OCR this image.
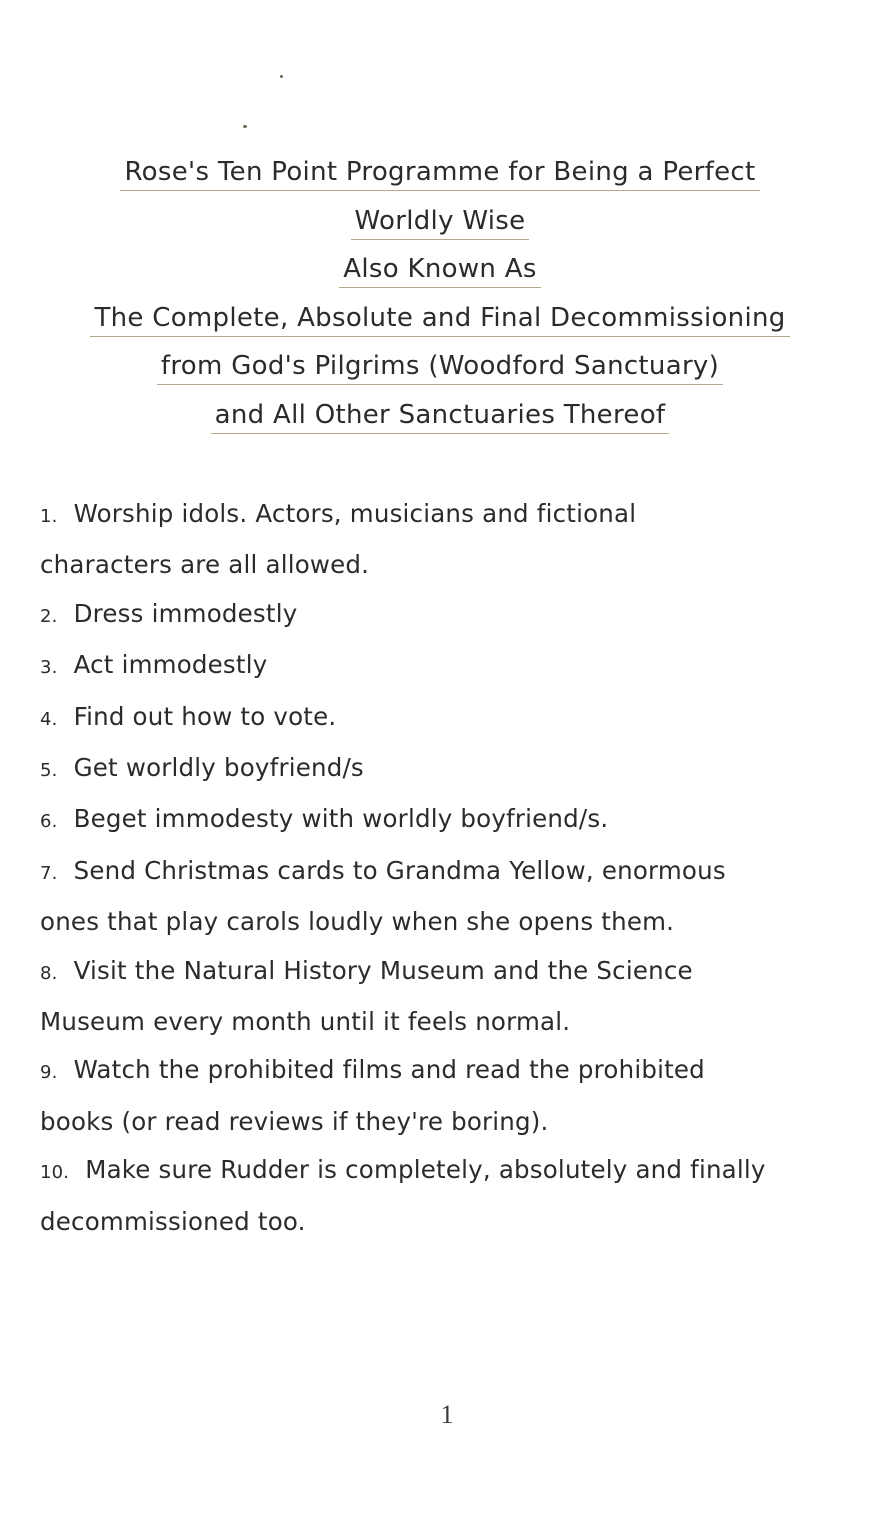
Rose's Ten Point Programme for Being a Perfect
Worldly Wise
Also Known As
The Complete, Absolute and Final Decommissioning
from God's Pilgrims (Woodford Sanctuary)
and All Other Sanctuaries Thereof
1. Worship idols. Actors, musicians and fictional
characters are all allowed.
2. Dress immodestly
3. Act immodestly
4. Find out how to vote.
5. Get worldly boyfriend/s
6. Beget immodesty with worldly boyfriend/s.
7. Send Christmas cards to Grandma Yellow, enormous
ones that play carols loudly when she opens them.
8. Visit the Natural History Museum and the Science
Museum every month until it feels normal.
9. Watch the prohibited films and read the prohibited
books (or read reviews if they're boring).
10. Make sure Rudder is completely, absolutely and finally
decommissioned too.
1
